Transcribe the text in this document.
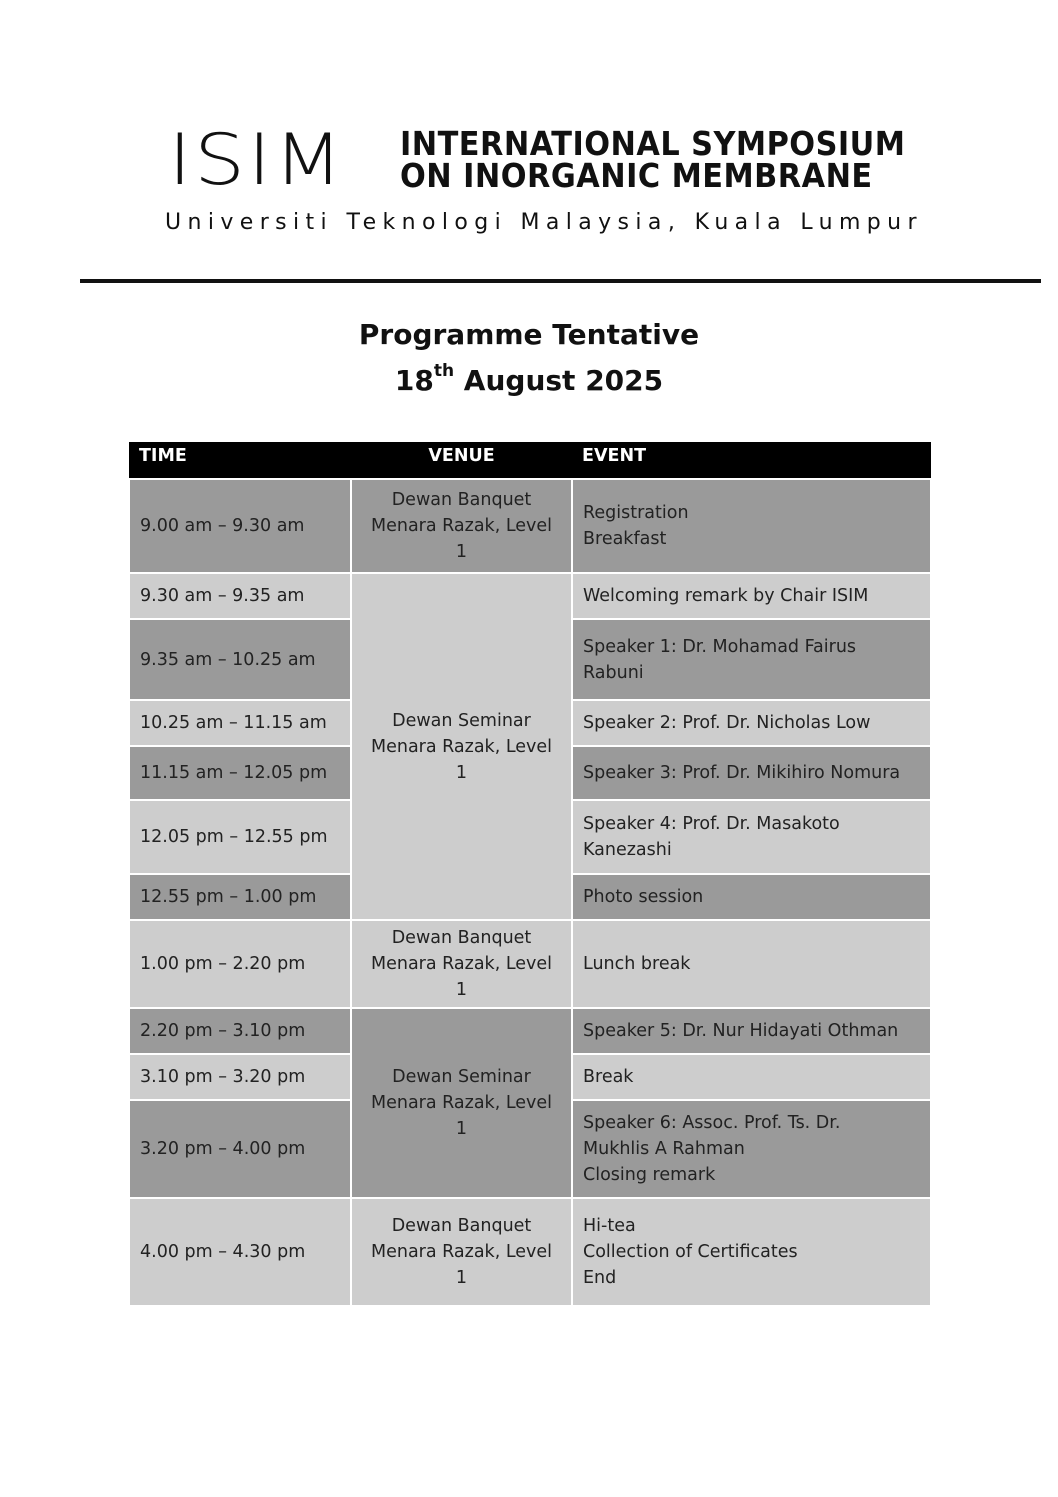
ISIM	INTERNATIONAL SYMPOSIUM
ON INORGANIC MEMBRANE
Universiti Teknologi Malaysia, Kuala Lumpur
Programme Tentative
18th August 2025
TIME	VENUE	EVENT
9.00 am – 9.30 am	Dewan Banquet
Menara Razak, Level
1	Registration
Breakfast

9.30 am – 9.35 am	Dewan Seminar
Menara Razak, Level
1	Welcoming remark by Chair ISIM

9.35 am – 10.25 am		Speaker 1: Dr. Mohamad Fairus
Rabuni

10.25 am – 11.15 am		Speaker 2: Prof. Dr. Nicholas Low

11.15 am – 12.05 pm		Speaker 3: Prof. Dr. Mikihiro Nomura

12.05 pm – 12.55 pm		Speaker 4: Prof. Dr. Masakoto
Kanezashi

12.55 pm – 1.00 pm		Photo session

1.00 pm – 2.20 pm	Dewan Banquet
Menara Razak, Level
1	Lunch break

2.20 pm – 3.10 pm	Dewan Seminar
Menara Razak, Level
1	Speaker 5: Dr. Nur Hidayati Othman

3.10 pm – 3.20 pm		Break

3.20 pm – 4.00 pm		Speaker 6: Assoc. Prof. Ts. Dr.
Mukhlis A Rahman
Closing remark

4.00 pm – 4.30 pm	Dewan Banquet
Menara Razak, Level
1	Hi-tea
Collection of Certificates
End
